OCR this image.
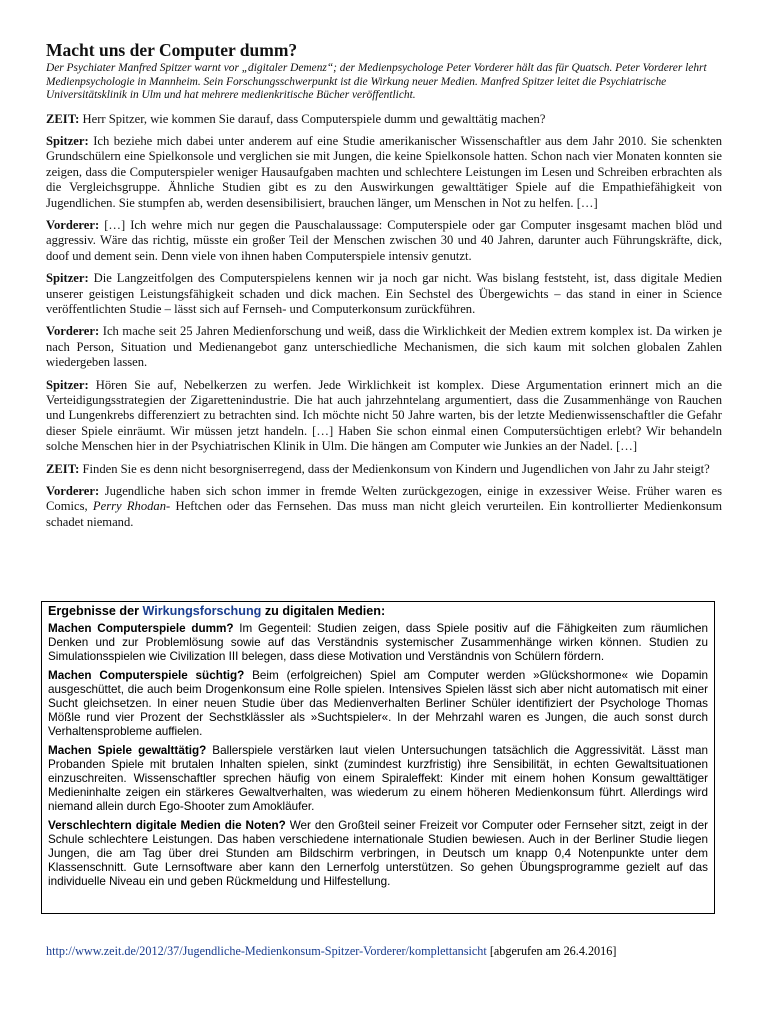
Macht uns der Computer dumm?

Der Psychiater Manfred Spitzer warnt vor „digitaler Demenz“; der Medienpsychologe Peter Vorderer hält das für Quatsch. Peter Vorderer lehrt Medienpsychologie in Mannheim. Sein Forschungsschwerpunkt ist die Wirkung neuer Medien. Manfred Spitzer leitet die Psychiatrische Universitätsklinik in Ulm und hat mehrere medienkritische Bücher veröffentlicht.

ZEIT: Herr Spitzer, wie kommen Sie darauf, dass Computerspiele dumm und gewalttätig machen?

Spitzer: Ich beziehe mich dabei unter anderem auf eine Studie amerikanischer Wissenschaftler aus dem Jahr 2010. Sie schenkten Grundschülern eine Spielkonsole und verglichen sie mit Jungen, die keine Spielkonsole hatten. Schon nach vier Monaten konnten sie zeigen, dass die Computerspieler weniger Hausaufgaben machten und schlechtere Leistungen im Lesen und Schreiben erbrachten als die Vergleichsgruppe. Ähnliche Studien gibt es zu den Auswirkungen gewalttätiger Spiele auf die Empathiefähigkeit von Jugendlichen. Sie stumpfen ab, werden desensibilisiert, brauchen länger, um Menschen in Not zu helfen. […]

Vorderer: […] Ich wehre mich nur gegen die Pauschalaussage: Computerspiele oder gar Computer insgesamt machen blöd und aggressiv. Wäre das richtig, müsste ein großer Teil der Menschen zwischen 30 und 40 Jahren, darunter auch Führungskräfte, dick, doof und dement sein. Denn viele von ihnen haben Computerspiele intensiv genutzt.

Spitzer: Die Langzeitfolgen des Computerspielens kennen wir ja noch gar nicht. Was bislang feststeht, ist, dass digitale Medien unserer geistigen Leistungsfähigkeit schaden und dick machen. Ein Sechstel des Übergewichts – das stand in einer in Science veröffentlichten Studie – lässt sich auf Fernseh- und Computerkonsum zurückführen.

Vorderer: Ich mache seit 25 Jahren Medienforschung und weiß, dass die Wirklichkeit der Medien extrem komplex ist. Da wirken je nach Person, Situation und Medienangebot ganz unterschiedliche Mechanismen, die sich kaum mit solchen globalen Zahlen wiedergeben lassen.

Spitzer: Hören Sie auf, Nebelkerzen zu werfen. Jede Wirklichkeit ist komplex. Diese Argumentation erinnert mich an die Verteidigungsstrategien der Zigarettenindustrie. Die hat auch jahrzehntelang argumentiert, dass die Zusammenhänge von Rauchen und Lungenkrebs differenziert zu betrachten sind. Ich möchte nicht 50 Jahre warten, bis der letzte Medienwissenschaftler die Gefahr dieser Spiele einräumt. Wir müssen jetzt handeln. […] Haben Sie schon einmal einen Computersüchtigen erlebt? Wir behandeln solche Menschen hier in der Psychiatrischen Klinik in Ulm. Die hängen am Computer wie Junkies an der Nadel. […]

ZEIT: Finden Sie es denn nicht besorgniserregend, dass der Medienkonsum von Kindern und Jugendlichen von Jahr zu Jahr steigt?

Vorderer: Jugendliche haben sich schon immer in fremde Welten zurückgezogen, einige in exzessiver Weise. Früher waren es Comics, Perry Rhodan- Heftchen oder das Fernsehen. Das muss man nicht gleich verurteilen. Ein kontrollierter Medienkonsum schadet niemand.

Ergebnisse der Wirkungsforschung zu digitalen Medien:

Machen Computerspiele dumm? Im Gegenteil: Studien zeigen, dass Spiele positiv auf die Fähigkeiten zum räumlichen Denken und zur Problemlösung sowie auf das Verständnis systemischer Zusammenhänge wirken können. Studien zu Simulationsspielen wie Civilization III belegen, dass diese Motivation und Verständnis von Schülern fördern.

Machen Computerspiele süchtig? Beim (erfolgreichen) Spiel am Computer werden »Glückshormone« wie Dopamin ausgeschüttet, die auch beim Drogenkonsum eine Rolle spielen. Intensives Spielen lässt sich aber nicht automatisch mit einer Sucht gleichsetzen. In einer neuen Studie über das Medienverhalten Berliner Schüler identifiziert der Psychologe Thomas Mößle rund vier Prozent der Sechstklässler als »Suchtspieler«. In der Mehrzahl waren es Jungen, die auch sonst durch Verhaltensprobleme auffielen.

Machen Spiele gewalttätig? Ballerspiele verstärken laut vielen Untersuchungen tatsächlich die Aggressivität. Lässt man Probanden Spiele mit brutalen Inhalten spielen, sinkt (zumindest kurzfristig) ihre Sensibilität, in echten Gewaltsituationen einzuschreiten. Wissenschaftler sprechen häufig von einem Spiraleffekt: Kinder mit einem hohen Konsum gewalttätiger Medieninhalte zeigen ein stärkeres Gewaltverhalten, was wiederum zu einem höheren Medienkonsum führt. Allerdings wird niemand allein durch Ego-Shooter zum Amokläufer.

Verschlechtern digitale Medien die Noten? Wer den Großteil seiner Freizeit vor Computer oder Fernseher sitzt, zeigt in der Schule schlechtere Leistungen. Das haben verschiedene internationale Studien bewiesen. Auch in der Berliner Studie liegen Jungen, die am Tag über drei Stunden am Bildschirm verbringen, in Deutsch um knapp 0,4 Notenpunkte unter dem Klassenschnitt. Gute Lernsoftware aber kann den Lernerfolg unterstützen. So gehen Übungsprogramme gezielt auf das individuelle Niveau ein und geben Rückmeldung und Hilfestellung.

http://www.zeit.de/2012/37/Jugendliche-Medienkonsum-Spitzer-Vorderer/komplettansicht [abgerufen am 26.4.2016]
